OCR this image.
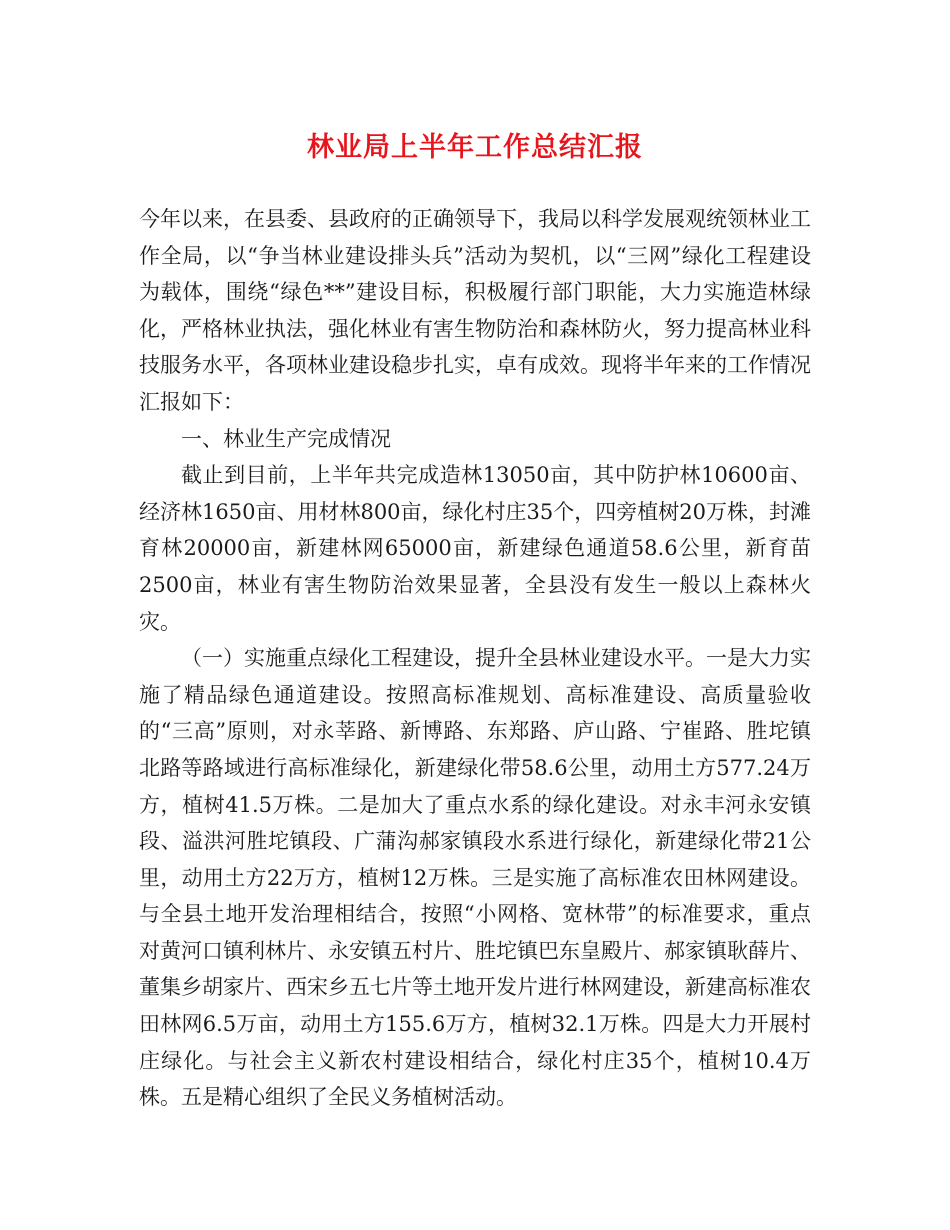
林业局上半年工作总结汇报

今年以来，在县委、县政府的正确领导下，我局以科学发展观统领林业工作全局，以“争当林业建设排头兵”活动为契机，以“三网”绿化工程建设为载体，围绕“绿色**”建设目标，积极履行部门职能，大力实施造林绿化，严格林业执法，强化林业有害生物防治和森林防火，努力提高林业科技服务水平，各项林业建设稳步扎实，卓有成效。现将半年来的工作情况汇报如下：

一、林业生产完成情况

截止到目前，上半年共完成造林13050亩，其中防护林10600亩、经济林1650亩、用材林800亩，绿化村庄35个，四旁植树20万株，封滩育林20000亩，新建林网65000亩，新建绿色通道58.6公里，新育苗2500亩，林业有害生物防治效果显著，全县没有发生一般以上森林火灾。

（一）实施重点绿化工程建设，提升全县林业建设水平。一是大力实施了精品绿色通道建设。按照高标准规划、高标准建设、高质量验收的“三高”原则，对永莘路、新博路、东郑路、庐山路、宁崔路、胜坨镇北路等路域进行高标准绿化，新建绿化带58.6公里，动用土方577.24万方，植树41.5万株。二是加大了重点水系的绿化建设。对永丰河永安镇段、溢洪河胜坨镇段、广蒲沟郝家镇段水系进行绿化，新建绿化带21公里，动用土方22万方，植树12万株。三是实施了高标准农田林网建设。与全县土地开发治理相结合，按照“小网格、宽林带”的标准要求，重点对黄河口镇利林片、永安镇五村片、胜坨镇巴东皇殿片、郝家镇耿薛片、董集乡胡家片、西宋乡五七片等土地开发片进行林网建设，新建高标准农田林网6.5万亩，动用土方155.6万方，植树32.1万株。四是大力开展村庄绿化。与社会主义新农村建设相结合，绿化村庄35个，植树10.4万株。五是精心组织了全民义务植树活动。
